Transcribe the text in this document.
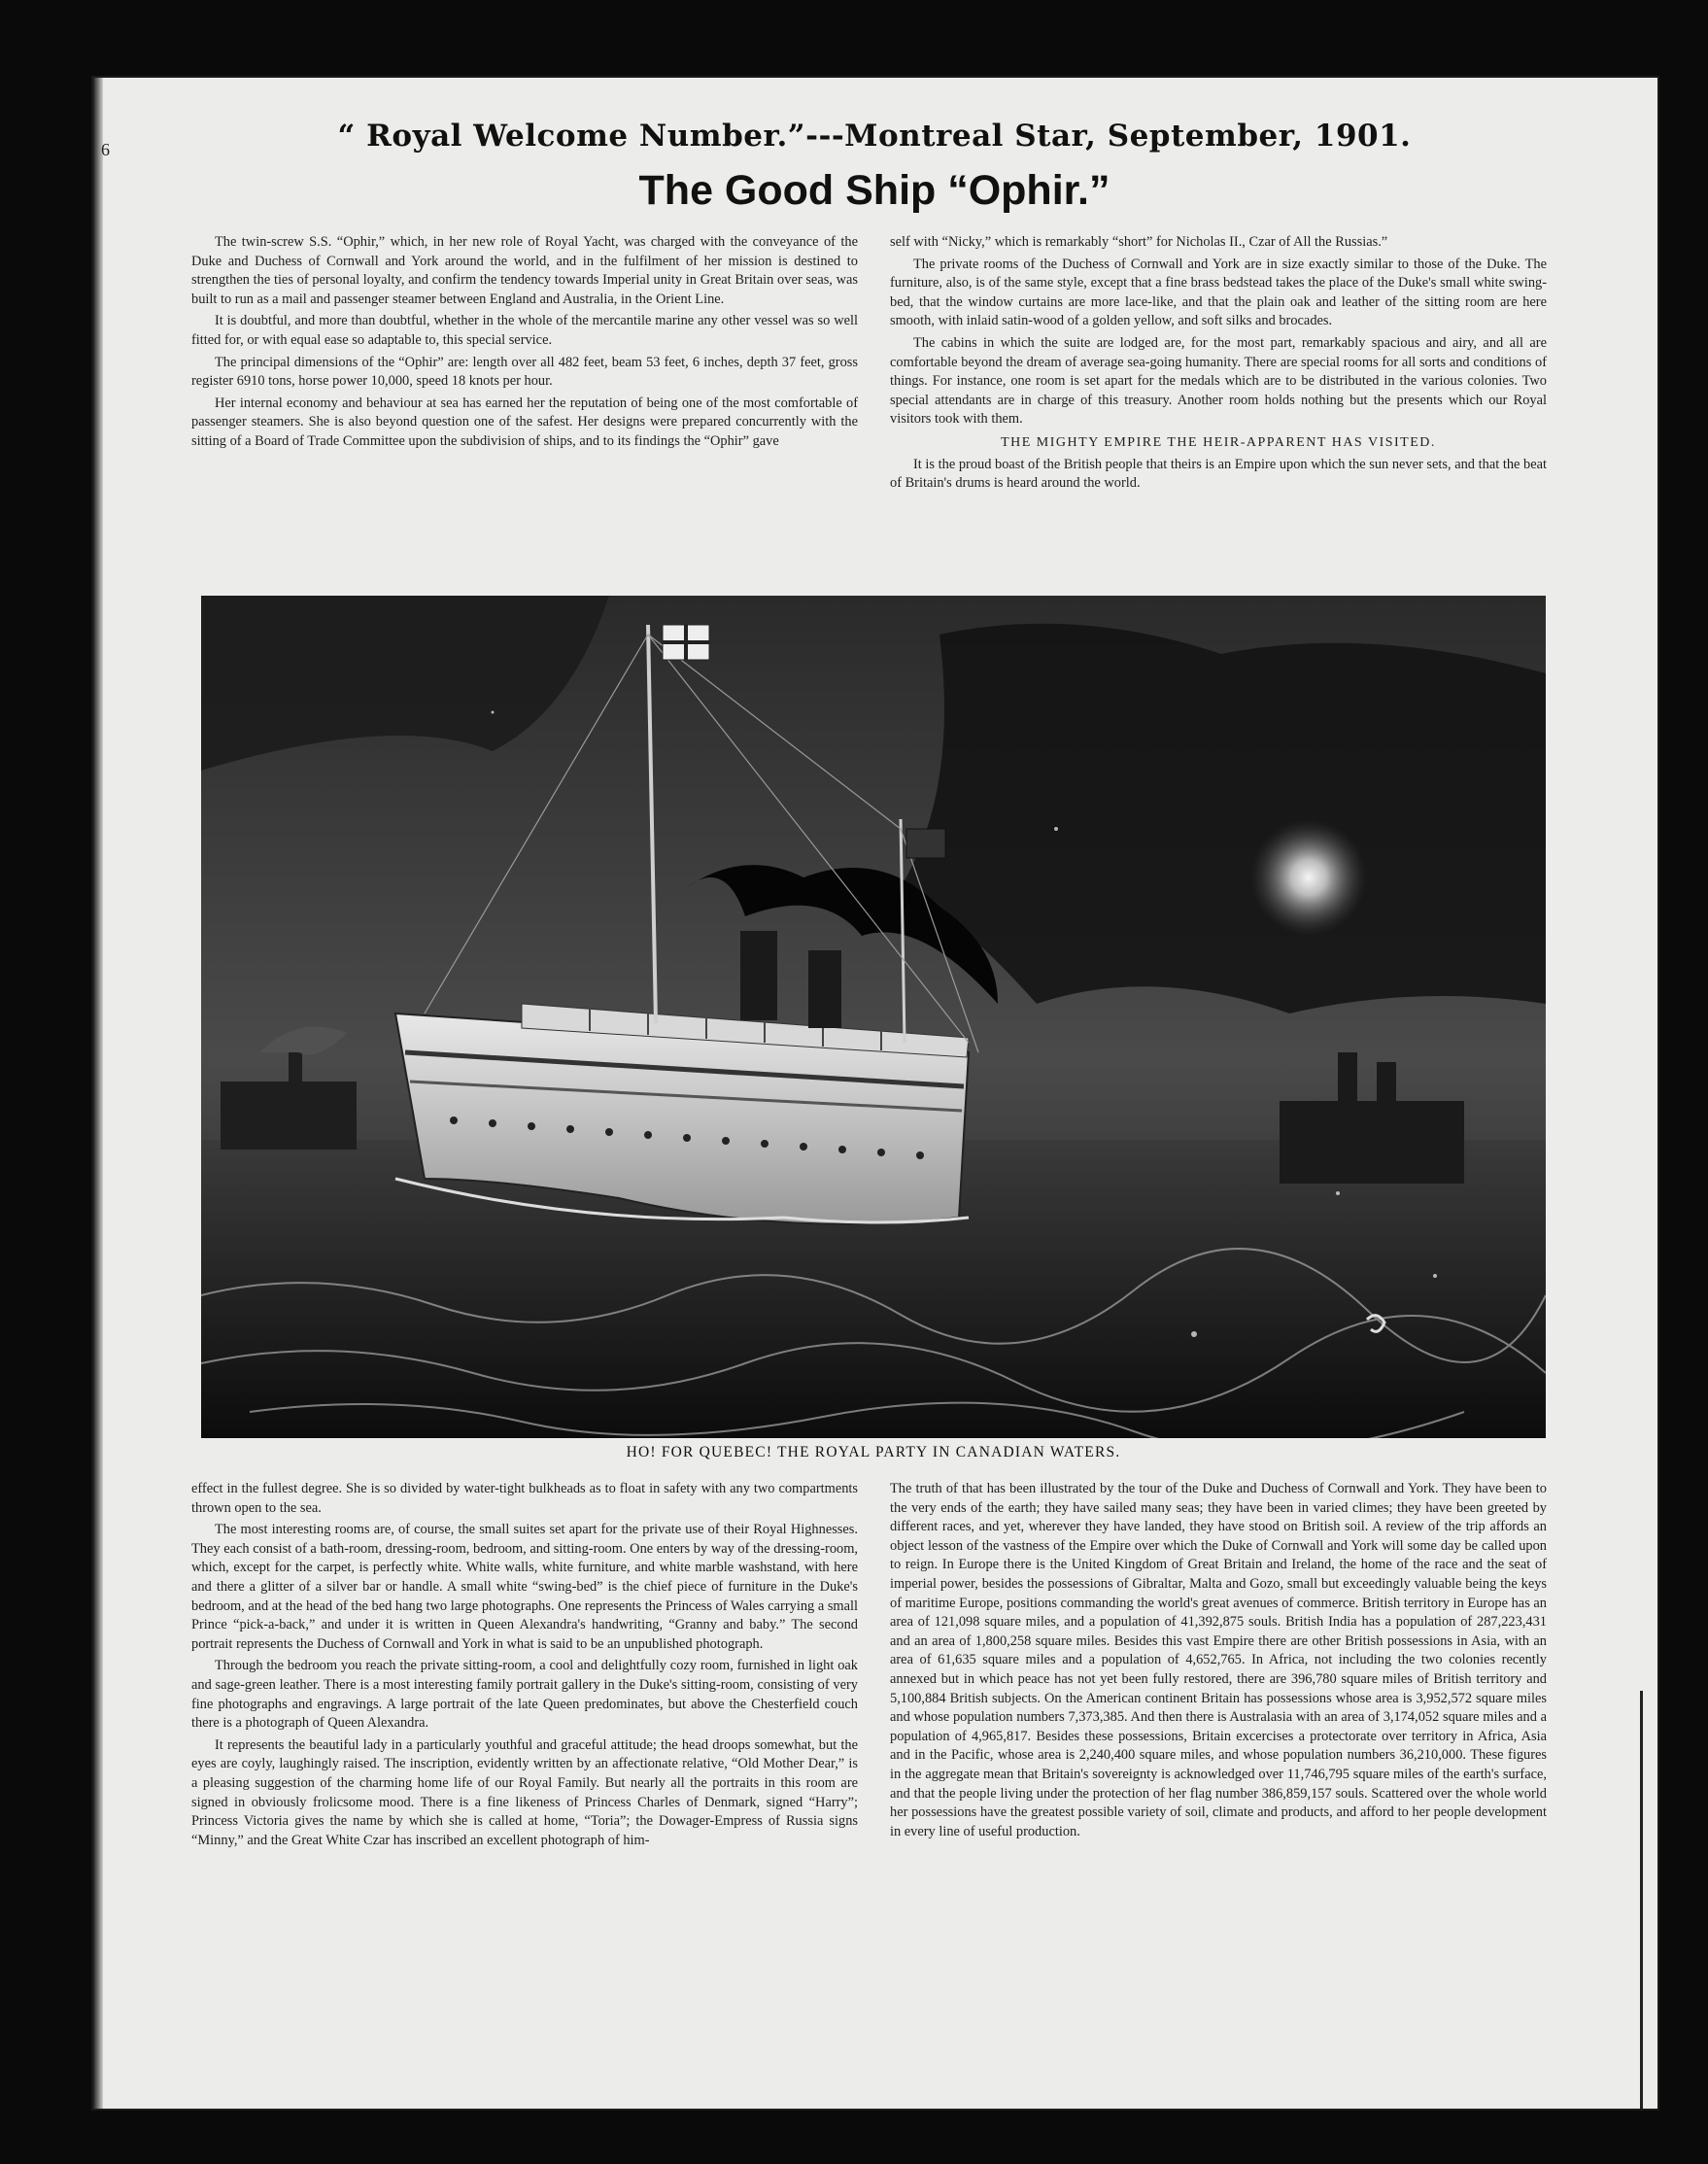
6	“ Royal Welcome Number.”---Montreal Star, September, 1901.
The Good Ship “Ophir.”

The twin-screw S.S. “Ophir,” which, in her new role of Royal Yacht, was charged with the conveyance of the Duke and Duchess of Cornwall and York around the world, and in the fulfilment of her mission is destined to strengthen the ties of personal loyalty, and confirm the tendency towards Imperial unity in Great Britain over seas, was built to run as a mail and passenger steamer between England and Australia, in the Orient Line.

It is doubtful, and more than doubtful, whether in the whole of the mercantile marine any other vessel was so well fitted for, or with equal ease so adaptable to, this special service.

The principal dimensions of the “Ophir” are: length over all 482 feet, beam 53 feet, 6 inches, depth 37 feet, gross register 6910 tons, horse power 10,000, speed 18 knots per hour.

Her internal economy and behaviour at sea has earned her the reputation of being one of the most comfortable of passenger steamers. She is also beyond question one of the safest. Her designs were prepared concurrently with the sitting of a Board of Trade Committee upon the subdivision of ships, and to its findings the “Ophir” gave

self with “Nicky,” which is remarkably “short” for Nicholas II., Czar of All the Russias.”

The private rooms of the Duchess of Cornwall and York are in size exactly similar to those of the Duke. The furniture, also, is of the same style, except that a fine brass bedstead takes the place of the Duke's small white swing-bed, that the window curtains are more lace-like, and that the plain oak and leather of the sitting room are here smooth, with inlaid satin-wood of a golden yellow, and soft silks and brocades.

The cabins in which the suite are lodged are, for the most part, remarkably spacious and airy, and all are comfortable beyond the dream of average sea-going humanity. There are special rooms for all sorts and conditions of things. For instance, one room is set apart for the medals which are to be distributed in the various colonies. Two special attendants are in charge of this treasury. Another room holds nothing but the presents which our Royal visitors took with them.

THE MIGHTY EMPIRE THE HEIR-APPARENT HAS VISITED.

It is the proud boast of the British people that theirs is an Empire upon which the sun never sets, and that the beat of Britain's drums is heard around the world.

HO! FOR QUEBEC! THE ROYAL PARTY IN CANADIAN WATERS.

effect in the fullest degree. She is so divided by water-tight bulkheads as to float in safety with any two compartments thrown open to the sea.

The most interesting rooms are, of course, the small suites set apart for the private use of their Royal Highnesses. They each consist of a bath-room, dressing-room, bedroom, and sitting-room. One enters by way of the dressing-room, which, except for the carpet, is perfectly white. White walls, white furniture, and white marble washstand, with here and there a glitter of a silver bar or handle. A small white “swing-bed” is the chief piece of furniture in the Duke's bedroom, and at the head of the bed hang two large photographs. One represents the Princess of Wales carrying a small Prince “pick-a-back,” and under it is written in Queen Alexandra's handwriting, “Granny and baby.” The second portrait represents the Duchess of Cornwall and York in what is said to be an unpublished photograph.

Through the bedroom you reach the private sitting-room, a cool and delightfully cozy room, furnished in light oak and sage-green leather. There is a most interesting family portrait gallery in the Duke's sitting-room, consisting of very fine photographs and engravings. A large portrait of the late Queen predominates, but above the Chesterfield couch there is a photograph of Queen Alexandra.

It represents the beautiful lady in a particularly youthful and graceful attitude; the head droops somewhat, but the eyes are coyly, laughingly raised. The inscription, evidently written by an affectionate relative, “Old Mother Dear,” is a pleasing suggestion of the charming home life of our Royal Family. But nearly all the portraits in this room are signed in obviously frolicsome mood. There is a fine likeness of Princess Charles of Denmark, signed “Harry”; Princess Victoria gives the name by which she is called at home, “Toria”; the Dowager-Empress of Russia signs “Minny,” and the Great White Czar has inscribed an excellent photograph of him-

The truth of that has been illustrated by the tour of the Duke and Duchess of Cornwall and York. They have been to the very ends of the earth; they have sailed many seas; they have been in varied climes; they have been greeted by different races, and yet, wherever they have landed, they have stood on British soil. A review of the trip affords an object lesson of the vastness of the Empire over which the Duke of Cornwall and York will some day be called upon to reign. In Europe there is the United Kingdom of Great Britain and Ireland, the home of the race and the seat of imperial power, besides the possessions of Gibraltar, Malta and Gozo, small but exceedingly valuable being the keys of maritime Europe, positions commanding the world's great avenues of commerce. British territory in Europe has an area of 121,098 square miles, and a population of 41,392,875 souls. British India has a population of 287,223,431 and an area of 1,800,258 square miles. Besides this vast Empire there are other British possessions in Asia, with an area of 61,635 square miles and a population of 4,652,765. In Africa, not including the two colonies recently annexed but in which peace has not yet been fully restored, there are 396,780 square miles of British territory and 5,100,884 British subjects. On the American continent Britain has possessions whose area is 3,952,572 square miles and whose population numbers 7,373,385. And then there is Australasia with an area of 3,174,052 square miles and a population of 4,965,817. Besides these possessions, Britain excercises a protectorate over territory in Africa, Asia and in the Pacific, whose area is 2,240,400 square miles, and whose population numbers 36,210,000. These figures in the aggregate mean that Britain's sovereignty is acknowledged over 11,746,795 square miles of the earth's surface, and that the people living under the protection of her flag number 386,859,157 souls. Scattered over the whole world her possessions have the greatest possible variety of soil, climate and products, and afford to her people development in every line of useful production.
